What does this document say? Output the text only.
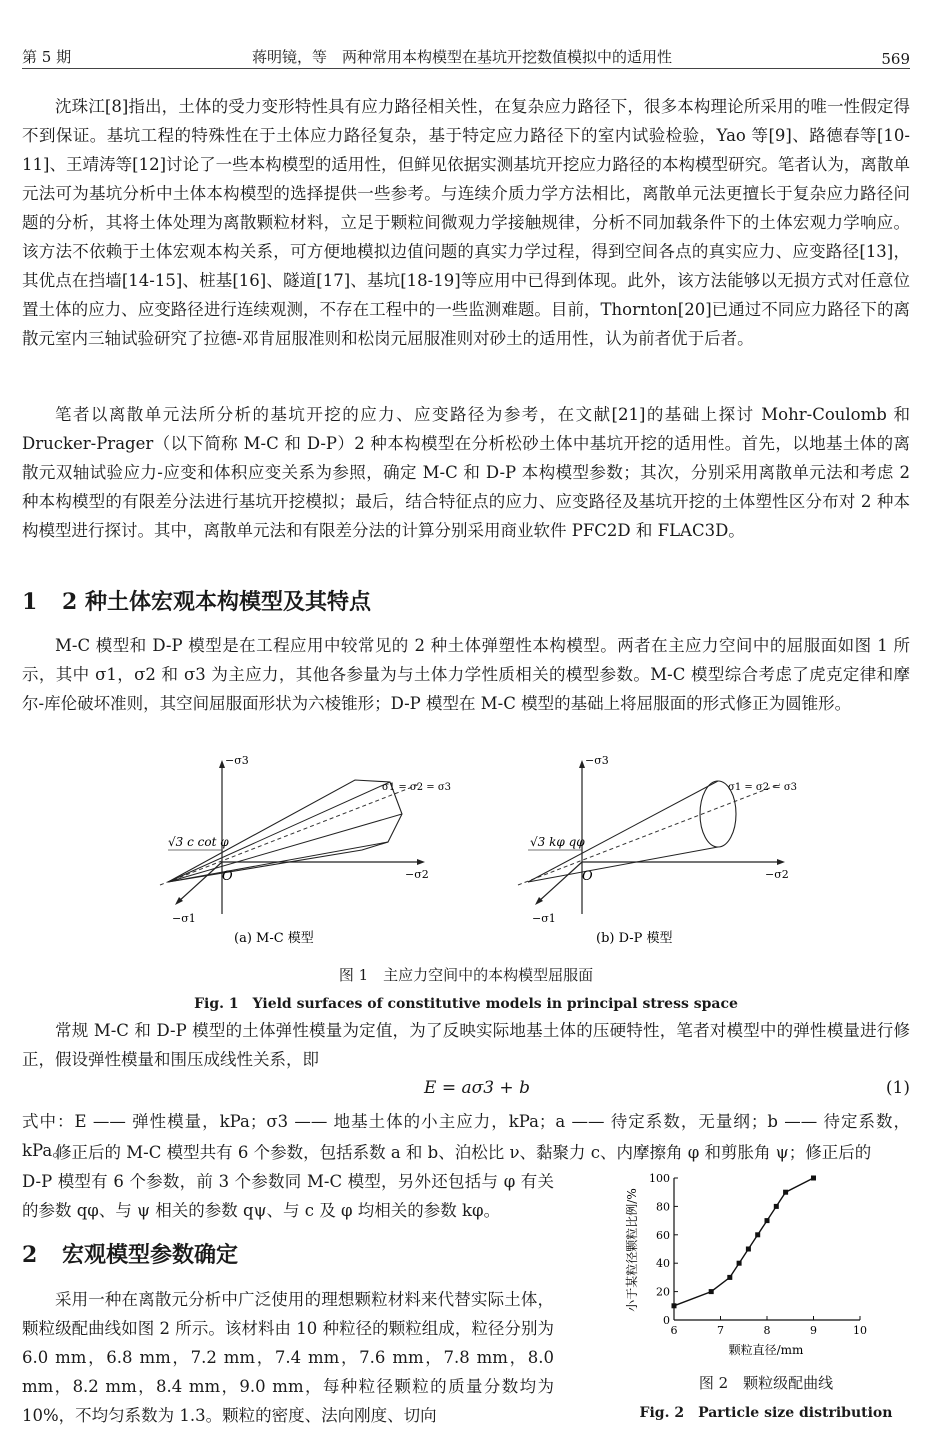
第 5 期	蒋明镜，等　两种常用本构模型在基坑开挖数值模拟中的适用性	569

沈珠江[8]指出，土体的受力变形特性具有应力路径相关性，在复杂应力路径下，很多本构理论所采用的唯一性假定得不到保证。基坑工程的特殊性在于土体应力路径复杂，基于特定应力路径下的室内试验检验，Yao 等[9]、路德春等[10-11]、王靖涛等[12]讨论了一些本构模型的适用性，但鲜见依据实测基坑开挖应力路径的本构模型研究。笔者认为，离散单元法可为基坑分析中土体本构模型的选择提供一些参考。与连续介质力学方法相比，离散单元法更擅长于复杂应力路径问题的分析，其将土体处理为离散颗粒材料，立足于颗粒间微观力学接触规律，分析不同加载条件下的土体宏观力学响应。该方法不依赖于土体宏观本构关系，可方便地模拟边值问题的真实力学过程，得到空间各点的真实应力、应变路径[13]，其优点在挡墙[14-15]、桩基[16]、隧道[17]、基坑[18-19]等应用中已得到体现。此外，该方法能够以无损方式对任意位置土体的应力、应变路径进行连续观测，不存在工程中的一些监测难题。目前，Thornton[20]已通过不同应力路径下的离散元室内三轴试验研究了拉德-邓肯屈服准则和松岗元屈服准则对砂土的适用性，认为前者优于后者。

笔者以离散单元法所分析的基坑开挖的应力、应变路径为参考，在文献[21]的基础上探讨 Mohr-Coulomb 和 Drucker-Prager（以下简称 M-C 和 D-P）2 种本构模型在分析松砂土体中基坑开挖的适用性。首先，以地基土体的离散元双轴试验应力-应变和体积应变关系为参照，确定 M-C 和 D-P 本构模型参数；其次，分别采用离散单元法和考虑 2 种本构模型的有限差分法进行基坑开挖模拟；最后，结合特征点的应力、应变路径及基坑开挖的土体塑性区分布对 2 种本构模型进行探讨。其中，离散单元法和有限差分法的计算分别采用商业软件 PFC2D 和 FLAC3D。

1 2 种土体宏观本构模型及其特点

M-C 模型和 D-P 模型是在工程应用中较常见的 2 种土体弹塑性本构模型。两者在主应力空间中的屈服面如图 1 所示，其中 σ1，σ2 和 σ3 为主应力，其他各参量为与土体力学性质相关的模型参数。M-C 模型综合考虑了虎克定律和摩尔-库伦破坏准则，其空间屈服面形状为六棱锥形；D-P 模型在 M-C 模型的基础上将屈服面的形式修正为圆锥形。

−σ3
−σ2
−σ1
σ1 = σ2 = σ3
√3 c cot φ
O
(a) M-C 模型
−σ3
−σ2
−σ1
σ1 = σ2 = σ3
√3 kφ qφ
O
(b) D-P 模型
图 1　主应力空间中的本构模型屈服面
Fig. 1　Yield surfaces of constitutive models in principal stress space

常规 M-C 和 D-P 模型的土体弹性模量为定值，为了反映实际地基土体的压硬特性，笔者对模型中的弹性模量进行修正，假设弹性模量和围压成线性关系，即

E = aσ3 + b	(1)

式中：E —— 弹性模量，kPa；σ3 —— 地基土体的小主应力，kPa；a —— 待定系数，无量纲；b —— 待定系数，kPa。

修正后的 M-C 模型共有 6 个参数，包括系数 a 和 b、泊松比 ν、黏聚力 c、内摩擦角 φ 和剪胀角 ψ；修正后的

D-P 模型有 6 个参数，前 3 个参数同 M-C 模型，另外还包括与 φ 有关的参数 qφ、与 ψ 相关的参数 qψ、与 c 及 φ 均相关的参数 kφ。

2 宏观模型参数确定

采用一种在离散元分析中广泛使用的理想颗粒材料来代替实际土体，颗粒级配曲线如图 2 所示。该材料由 10 种粒径的颗粒组成，粒径分别为 6.0 mm，6.8 mm，7.2 mm，7.4 mm，7.6 mm，7.8 mm，8.0 mm，8.2 mm，8.4 mm，9.0 mm，每种粒径颗粒的质量分数均为 10%，不均匀系数为 1.3。颗粒的密度、法向刚度、切向

6	7	8	9	10
0
20
40
60
80
100
小于某粒径颗粒比例/%
颗粒直径/mm
图 2　颗粒级配曲线
Fig. 2　Particle size distribution
